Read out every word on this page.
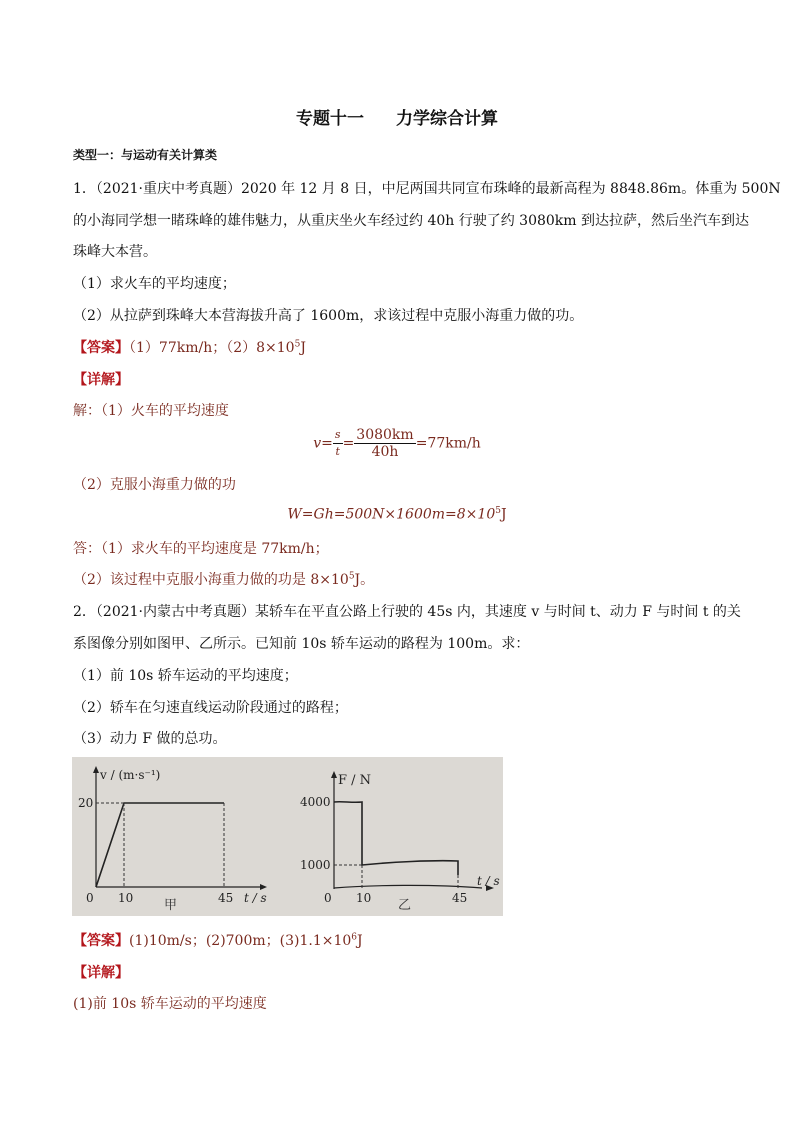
专题十一 力学综合计算
类型一：与运动有关计算类
1．（2021·重庆中考真题）2020 年 12 月 8 日，中尼两国共同宣布珠峰的最新高程为 8848.86m。体重为 500N
的小海同学想一睹珠峰的雄伟魅力，从重庆坐火车经过约 40h 行驶了约 3080km 到达拉萨，然后坐汽车到达
珠峰大本营。
（1）求火车的平均速度；
（2）从拉萨到珠峰大本营海拔升高了 1600m，求该过程中克服小海重力做的功。
【答案】（1）77km/h；$(2)8\times 10^5J$
【详解】
解：（1）火车的平均速度
$v= \frac{s}{t} = \frac{3080km}{40h} =77km/h$
（2）克服小海重力做的功
$W=Gh=500N\times 1600m=8\times 10^5J$
答：（1）求火车的平均速度是 77km/h；
（2）该过程中克服小海重力做的功是 $8\times 10^5J$。
2．（2021·内蒙古中考真题）某轿车在平直公路上行驶的 45s 内，其速度 v 与时间 t、动力 F 与时间 t 的关
系图像分别如图甲、乙所示。已知前 10s 轿车运动的路程为 100m。求：
（1）前 10s 轿车运动的平均速度；
（2）轿车在匀速直线运动阶段通过的路程；
（3）动力 F 做的总功。
v / (m·s⁻¹)
20
0 10	45 t / s
甲
F / N
4000
1000
0 10	45
t / s
乙
【答案】(1)10m/s；(2)700m；$(3)1.1\times 10^6J$
【详解】
(1)前 10s 轿车运动的平均速度
